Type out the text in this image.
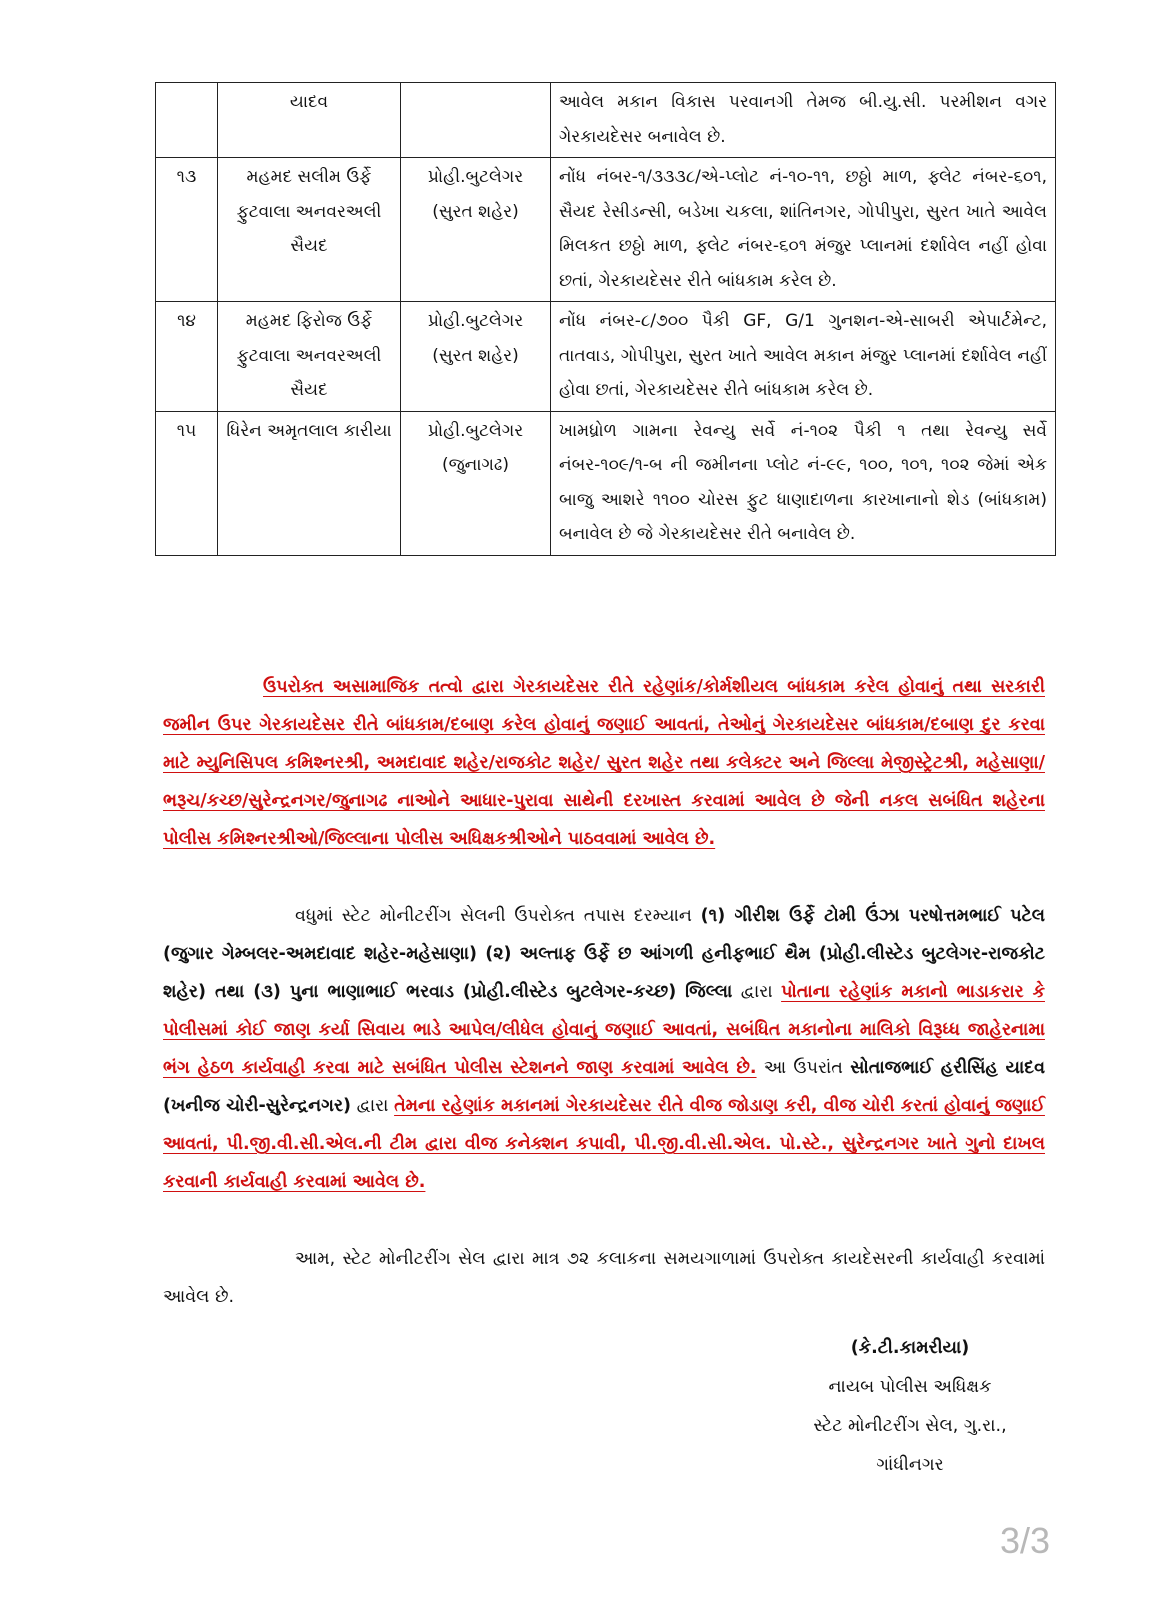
	યાદવ		આવેલ મકાન વિકાસ પરવાનગી તેમજ બી.યુ.સી. પરમીશન વગર ગેરકાયદેસર બનાવેલ છે.
૧૩	મહમદ સલીમ ઉર્ફે ફુટવાલા અનવરઅલી સૈયદ	પ્રોહી.બુટલેગર (સુરત શહેર)	નોંધ નંબર-૧/૩૩૩૮/એ-પ્લોટ નં-૧૦-૧૧, છઠ્ઠો માળ, ફ્લેટ નંબર-૬૦૧, સૈયદ રેસીડન્સી, બડેખા ચકલા, શાંતિનગર, ગોપીપુરા, સુરત ખાતે આવેલ મિલકત છઠ્ઠો માળ, ફ્લેટ નંબર-૬૦૧ મંજુર પ્લાનમાં દર્શાવેલ નહીં હોવા છતાં, ગેરકાયદેસર રીતે બાંધકામ કરેલ છે.
૧૪	મહમદ ફિરોજ ઉર્ફે ફુટવાલા અનવરઅલી સૈયદ	પ્રોહી.બુટલેગર (સુરત શહેર)	નોંધ નંબર-૮/૭૦૦ પૈકી GF, G/1 ગુનશન-એ-સાબરી એપાર્ટમેન્ટ, તાતવાડ, ગોપીપુરા, સુરત ખાતે આવેલ મકાન મંજુર પ્લાનમાં દર્શાવેલ નહીં હોવા છતાં, ગેરકાયદેસર રીતે બાંધકામ કરેલ છે.
૧૫	ધિરેન અમૃતલાલ કારીયા	પ્રોહી.બુટલેગર (જુનાગઢ)	ખામધ્રોળ ગામના રેવન્યુ સર્વે નં-૧૦૨ પૈકી ૧ તથા રેવન્યુ સર્વે નંબર-૧૦૯/૧-બ ની જમીનના પ્લોટ નં-૯૯, ૧૦૦, ૧૦૧, ૧૦૨ જેમાં એક બાજુ આશરે ૧૧૦૦ ચોરસ ફુટ ધાણાદાળના કારખાનાનો શેડ (બાંધકામ) બનાવેલ છે જે ગેરકાયદેસર રીતે બનાવેલ છે.
ઉપરોક્ત અસામાજિક તત્વો દ્વારા ગેરકાયદેસર રીતે રહેણાંક/કોર્મશીયલ બાંધકામ કરેલ હોવાનું તથા સરકારી જમીન ઉપર ગેરકાયદેસર રીતે બાંધકામ/દબાણ કરેલ હોવાનું જણાઈ આવતાં, તેઓનું ગેરકાયદેસર બાંધકામ/દબાણ દુર કરવા માટે મ્યુનિસિપલ કમિશ્નરશ્રી, અમદાવાદ શહેર/રાજકોટ શહેર/ સુરત શહેર તથા કલેક્ટર અને જિલ્લા મેજીસ્ટ્રેટશ્રી, મહેસાણા/ભરૂચ/કચ્છ/સુરેન્દ્રનગર/જુનાગઢ નાઓને આધાર-પુરાવા સાથેની દરખાસ્ત કરવામાં આવેલ છે જેની નકલ સબંધિત શહેરના પોલીસ કમિશ્નરશ્રીઓ/જિલ્લાના પોલીસ અધિક્ષકશ્રીઓને પાઠવવામાં આવેલ છે.
વધુમાં સ્ટેટ મોનીટરીંગ સેલની ઉપરોક્ત તપાસ દરમ્યાન (૧) ગીરીશ ઉર્ફે ટોમી ઉંઝા પરષોત્તમભાઈ પટેલ (જુગાર ગેમ્બલર-અમદાવાદ શહેર-મહેસાણા) (૨) અલ્તાફ ઉર્ફે છ આંગળી હનીફભાઈ થૈમ (પ્રોહી.લીસ્ટેડ બુટલેગર-રાજકોટ શહેર) તથા (૩) પુના ભાણાભાઈ ભરવાડ (પ્રોહી.લીસ્ટેડ બુટલેગર-કચ્છ) જિલ્લા દ્વારા પોતાના રહેણાંક મકાનો ભાડાકરાર કે પોલીસમાં કોઈ જાણ કર્યા સિવાય ભાડે આપેલ/લીધેલ હોવાનું જણાઈ આવતાં, સબંધિત મકાનોના માલિકો વિરૂધ્ધ જાહેરનામા ભંગ હેઠળ કાર્યવાહી કરવા માટે સબંધિત પોલીસ સ્ટેશનને જાણ કરવામાં આવેલ છે. આ ઉપરાંત સોતાજભાઈ હરીસિંહ યાદવ (ખનીજ ચોરી-સુરેન્દ્રનગર) દ્વારા તેમના રહેણાંક મકાનમાં ગેરકાયદેસર રીતે વીજ જોડાણ કરી, વીજ ચોરી કરતાં હોવાનું જણાઈ આવતાં, પી.જી.વી.સી.એલ.ની ટીમ દ્વારા વીજ કનેક્શન કપાવી, પી.જી.વી.સી.એલ. પો.સ્ટે., સુરેન્દ્રનગર ખાતે ગુનો દાખલ કરવાની કાર્યવાહી કરવામાં આવેલ છે.
આમ, સ્ટેટ મોનીટરીંગ સેલ દ્વારા માત્ર ૭૨ કલાકના સમયગાળામાં ઉપરોક્ત કાયદેસરની કાર્યવાહી કરવામાં આવેલ છે.
(કે.ટી.કામરીયા)
નાયબ પોલીસ અધિક્ષક
સ્ટેટ મોનીટરીંગ સેલ, ગુ.રા.,
ગાંધીનગર
3/3
